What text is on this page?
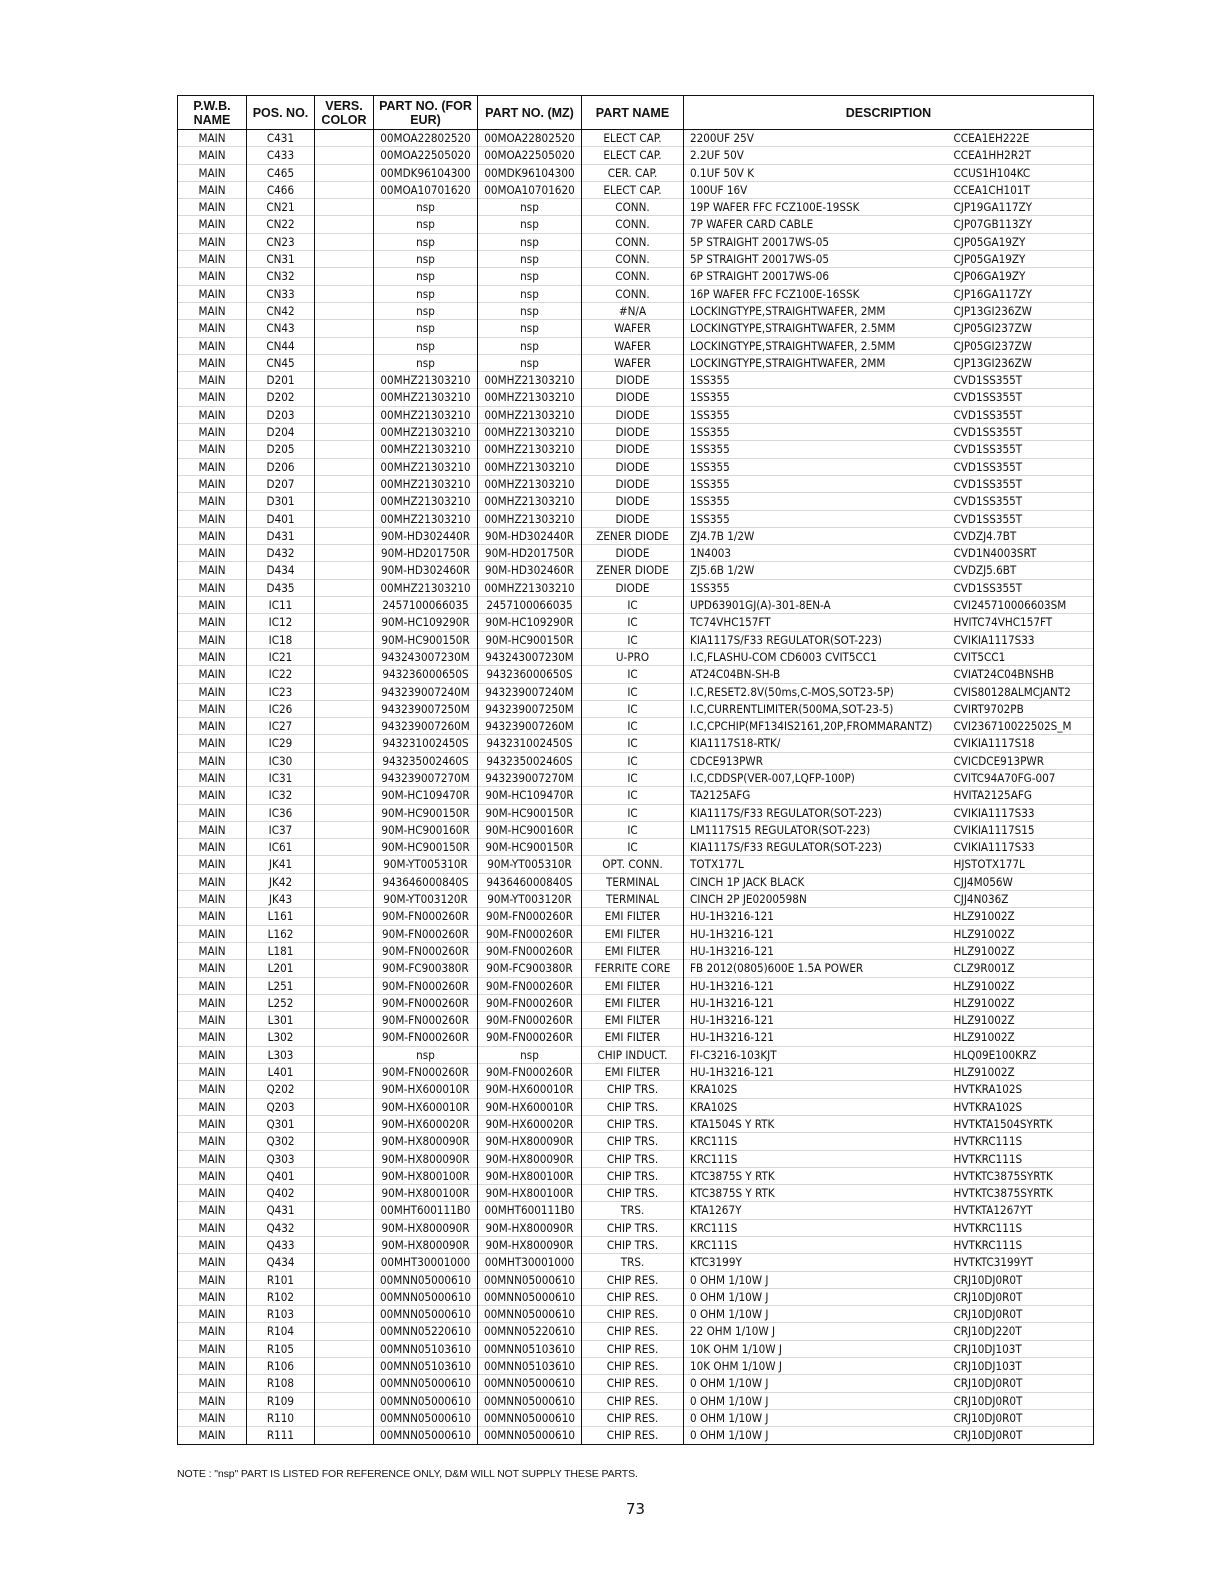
P.W.B. NAME	POS. NO.	VERS. COLOR	PART NO. (FOR EUR)	PART NO. (MZ)	PART NAME	DESCRIPTION	
MAIN	C431		00MOA22802520	00MOA22802520	ELECT CAP.	2200UF 25V	CCEA1EH222E
MAIN	C433		00MOA22505020	00MOA22505020	ELECT CAP.	2.2UF 50V	CCEA1HH2R2T
MAIN	C465		00MDK96104300	00MDK96104300	CER. CAP.	0.1UF 50V K	CCUS1H104KC
MAIN	C466		00MOA10701620	00MOA10701620	ELECT CAP.	100UF 16V	CCEA1CH101T
MAIN	CN21		nsp	nsp	CONN.	19P WAFER FFC FCZ100E-19SSK	CJP19GA117ZY
MAIN	CN22		nsp	nsp	CONN.	7P WAFER CARD CABLE	CJP07GB113ZY
MAIN	CN23		nsp	nsp	CONN.	5P STRAIGHT 20017WS-05	CJP05GA19ZY
MAIN	CN31		nsp	nsp	CONN.	5P STRAIGHT 20017WS-05	CJP05GA19ZY
MAIN	CN32		nsp	nsp	CONN.	6P STRAIGHT 20017WS-06	CJP06GA19ZY
MAIN	CN33		nsp	nsp	CONN.	16P WAFER FFC FCZ100E-16SSK	CJP16GA117ZY
MAIN	CN42		nsp	nsp	#N/A	LOCKINGTYPE,STRAIGHTWAFER, 2MM	CJP13GI236ZW
MAIN	CN43		nsp	nsp	WAFER	LOCKINGTYPE,STRAIGHTWAFER, 2.5MM	CJP05GI237ZW
MAIN	CN44		nsp	nsp	WAFER	LOCKINGTYPE,STRAIGHTWAFER, 2.5MM	CJP05GI237ZW
MAIN	CN45		nsp	nsp	WAFER	LOCKINGTYPE,STRAIGHTWAFER, 2MM	CJP13GI236ZW
MAIN	D201		00MHZ21303210	00MHZ21303210	DIODE	1SS355	CVD1SS355T
MAIN	D202		00MHZ21303210	00MHZ21303210	DIODE	1SS355	CVD1SS355T
MAIN	D203		00MHZ21303210	00MHZ21303210	DIODE	1SS355	CVD1SS355T
MAIN	D204		00MHZ21303210	00MHZ21303210	DIODE	1SS355	CVD1SS355T
MAIN	D205		00MHZ21303210	00MHZ21303210	DIODE	1SS355	CVD1SS355T
MAIN	D206		00MHZ21303210	00MHZ21303210	DIODE	1SS355	CVD1SS355T
MAIN	D207		00MHZ21303210	00MHZ21303210	DIODE	1SS355	CVD1SS355T
MAIN	D301		00MHZ21303210	00MHZ21303210	DIODE	1SS355	CVD1SS355T
MAIN	D401		00MHZ21303210	00MHZ21303210	DIODE	1SS355	CVD1SS355T
MAIN	D431		90M-HD302440R	90M-HD302440R	ZENER DIODE	ZJ4.7B 1/2W	CVDZJ4.7BT
MAIN	D432		90M-HD201750R	90M-HD201750R	DIODE	1N4003	CVD1N4003SRT
MAIN	D434		90M-HD302460R	90M-HD302460R	ZENER DIODE	ZJ5.6B 1/2W	CVDZJ5.6BT
MAIN	D435		00MHZ21303210	00MHZ21303210	DIODE	1SS355	CVD1SS355T
MAIN	IC11		2457100066035	2457100066035	IC	UPD63901GJ(A)-301-8EN-A	CVI245710006603SM
MAIN	IC12		90M-HC109290R	90M-HC109290R	IC	TC74VHC157FT	HVITC74VHC157FT
MAIN	IC18		90M-HC900150R	90M-HC900150R	IC	KIA1117S/F33 REGULATOR(SOT-223)	CVIKIA1117S33
MAIN	IC21		943243007230M	943243007230M	U-PRO	I.C,FLASHU-COM CD6003 CVIT5CC1	CVIT5CC1
MAIN	IC22		943236000650S	943236000650S	IC	AT24C04BN-SH-B	CVIAT24C04BNSHB
MAIN	IC23		943239007240M	943239007240M	IC	I.C,RESET2.8V(50ms,C-MOS,SOT23-5P)	CVIS80128ALMCJANT2
MAIN	IC26		943239007250M	943239007250M	IC	I.C,CURRENTLIMITER(500MA,SOT-23-5)	CVIRT9702PB
MAIN	IC27		943239007260M	943239007260M	IC	I.C,CPCHIP(MF134IS2161,20P,FROMMARANTZ)	CVI236710022502S_M
MAIN	IC29		943231002450S	943231002450S	IC	KIA1117S18-RTK/	CVIKIA1117S18
MAIN	IC30		943235002460S	943235002460S	IC	CDCE913PWR	CVICDCE913PWR
MAIN	IC31		943239007270M	943239007270M	IC	I.C,CDDSP(VER-007,LQFP-100P)	CVITC94A70FG-007
MAIN	IC32		90M-HC109470R	90M-HC109470R	IC	TA2125AFG	HVITA2125AFG
MAIN	IC36		90M-HC900150R	90M-HC900150R	IC	KIA1117S/F33 REGULATOR(SOT-223)	CVIKIA1117S33
MAIN	IC37		90M-HC900160R	90M-HC900160R	IC	LM1117S15 REGULATOR(SOT-223)	CVIKIA1117S15
MAIN	IC61		90M-HC900150R	90M-HC900150R	IC	KIA1117S/F33 REGULATOR(SOT-223)	CVIKIA1117S33
MAIN	JK41		90M-YT005310R	90M-YT005310R	OPT. CONN.	TOTX177L	HJSTOTX177L
MAIN	JK42		943646000840S	943646000840S	TERMINAL	CINCH 1P JACK BLACK	CJJ4M056W
MAIN	JK43		90M-YT003120R	90M-YT003120R	TERMINAL	CINCH 2P JE0200598N	CJJ4N036Z
MAIN	L161		90M-FN000260R	90M-FN000260R	EMI FILTER	HU-1H3216-121	HLZ91002Z
MAIN	L162		90M-FN000260R	90M-FN000260R	EMI FILTER	HU-1H3216-121	HLZ91002Z
MAIN	L181		90M-FN000260R	90M-FN000260R	EMI FILTER	HU-1H3216-121	HLZ91002Z
MAIN	L201		90M-FC900380R	90M-FC900380R	FERRITE CORE	FB 2012(0805)600E 1.5A POWER	CLZ9R001Z
MAIN	L251		90M-FN000260R	90M-FN000260R	EMI FILTER	HU-1H3216-121	HLZ91002Z
MAIN	L252		90M-FN000260R	90M-FN000260R	EMI FILTER	HU-1H3216-121	HLZ91002Z
MAIN	L301		90M-FN000260R	90M-FN000260R	EMI FILTER	HU-1H3216-121	HLZ91002Z
MAIN	L302		90M-FN000260R	90M-FN000260R	EMI FILTER	HU-1H3216-121	HLZ91002Z
MAIN	L303		nsp	nsp	CHIP INDUCT.	FI-C3216-103KJT	HLQ09E100KRZ
MAIN	L401		90M-FN000260R	90M-FN000260R	EMI FILTER	HU-1H3216-121	HLZ91002Z
MAIN	Q202		90M-HX600010R	90M-HX600010R	CHIP TRS.	KRA102S	HVTKRA102S
MAIN	Q203		90M-HX600010R	90M-HX600010R	CHIP TRS.	KRA102S	HVTKRA102S
MAIN	Q301		90M-HX600020R	90M-HX600020R	CHIP TRS.	KTA1504S Y RTK	HVTKTA1504SYRTK
MAIN	Q302		90M-HX800090R	90M-HX800090R	CHIP TRS.	KRC111S	HVTKRC111S
MAIN	Q303		90M-HX800090R	90M-HX800090R	CHIP TRS.	KRC111S	HVTKRC111S
MAIN	Q401		90M-HX800100R	90M-HX800100R	CHIP TRS.	KTC3875S Y RTK	HVTKTC3875SYRTK
MAIN	Q402		90M-HX800100R	90M-HX800100R	CHIP TRS.	KTC3875S Y RTK	HVTKTC3875SYRTK
MAIN	Q431		00MHT600111B0	00MHT600111B0	TRS.	KTA1267Y	HVTKTA1267YT
MAIN	Q432		90M-HX800090R	90M-HX800090R	CHIP TRS.	KRC111S	HVTKRC111S
MAIN	Q433		90M-HX800090R	90M-HX800090R	CHIP TRS.	KRC111S	HVTKRC111S
MAIN	Q434		00MHT30001000	00MHT30001000	TRS.	KTC3199Y	HVTKTC3199YT
MAIN	R101		00MNN05000610	00MNN05000610	CHIP RES.	0 OHM 1/10W J	CRJ10DJ0R0T
MAIN	R102		00MNN05000610	00MNN05000610	CHIP RES.	0 OHM 1/10W J	CRJ10DJ0R0T
MAIN	R103		00MNN05000610	00MNN05000610	CHIP RES.	0 OHM 1/10W J	CRJ10DJ0R0T
MAIN	R104		00MNN05220610	00MNN05220610	CHIP RES.	22 OHM 1/10W J	CRJ10DJ220T
MAIN	R105		00MNN05103610	00MNN05103610	CHIP RES.	10K OHM 1/10W J	CRJ10DJ103T
MAIN	R106		00MNN05103610	00MNN05103610	CHIP RES.	10K OHM 1/10W J	CRJ10DJ103T
MAIN	R108		00MNN05000610	00MNN05000610	CHIP RES.	0 OHM 1/10W J	CRJ10DJ0R0T
MAIN	R109		00MNN05000610	00MNN05000610	CHIP RES.	0 OHM 1/10W J	CRJ10DJ0R0T
MAIN	R110		00MNN05000610	00MNN05000610	CHIP RES.	0 OHM 1/10W J	CRJ10DJ0R0T
MAIN	R111		00MNN05000610	00MNN05000610	CHIP RES.	0 OHM 1/10W J	CRJ10DJ0R0T
NOTE : "nsp" PART IS LISTED FOR REFERENCE ONLY, D&M WILL NOT SUPPLY THESE PARTS.
73
